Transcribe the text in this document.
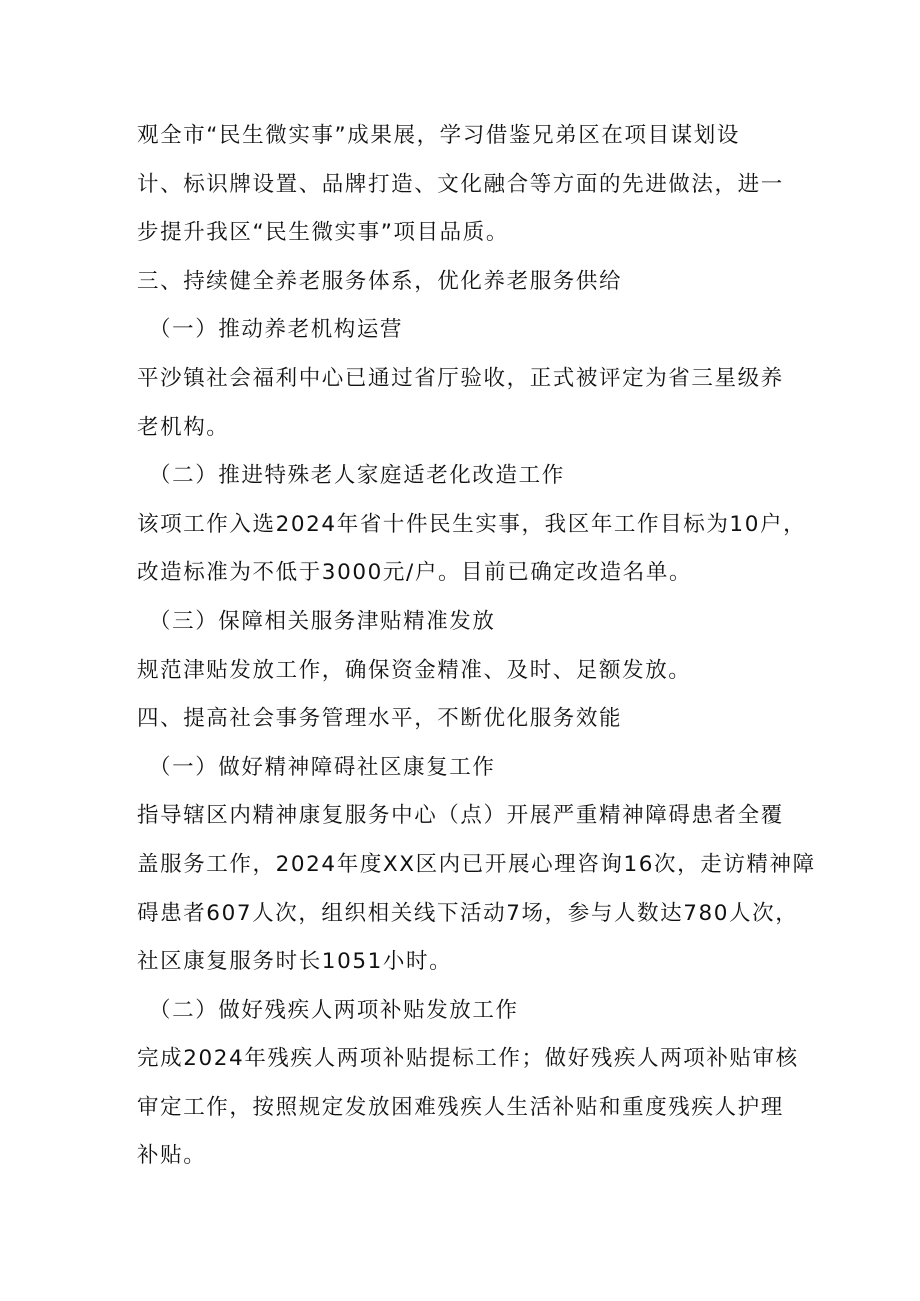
观全市“民生微实事”成果展，学习借鉴兄弟区在项目谋划设
计、标识牌设置、品牌打造、文化融合等方面的先进做法，进一
步提升我区“民生微实事”项目品质。
三、持续健全养老服务体系，优化养老服务供给
（一）推动养老机构运营
平沙镇社会福利中心已通过省厅验收，正式被评定为省三星级养
老机构。
（二）推进特殊老人家庭适老化改造工作
该项工作入选2024年省十件民生实事，我区年工作目标为10户，
改造标准为不低于3000元/户。目前已确定改造名单。
（三）保障相关服务津贴精准发放
规范津贴发放工作，确保资金精准、及时、足额发放。
四、提高社会事务管理水平，不断优化服务效能
（一）做好精神障碍社区康复工作
指导辖区内精神康复服务中心（点）开展严重精神障碍患者全覆
盖服务工作，2024年度XX区内已开展心理咨询16次，走访精神障
碍患者607人次，组织相关线下活动7场，参与人数达780人次，
社区康复服务时长1051小时。
（二）做好残疾人两项补贴发放工作
完成2024年残疾人两项补贴提标工作；做好残疾人两项补贴审核
审定工作，按照规定发放困难残疾人生活补贴和重度残疾人护理
补贴。
